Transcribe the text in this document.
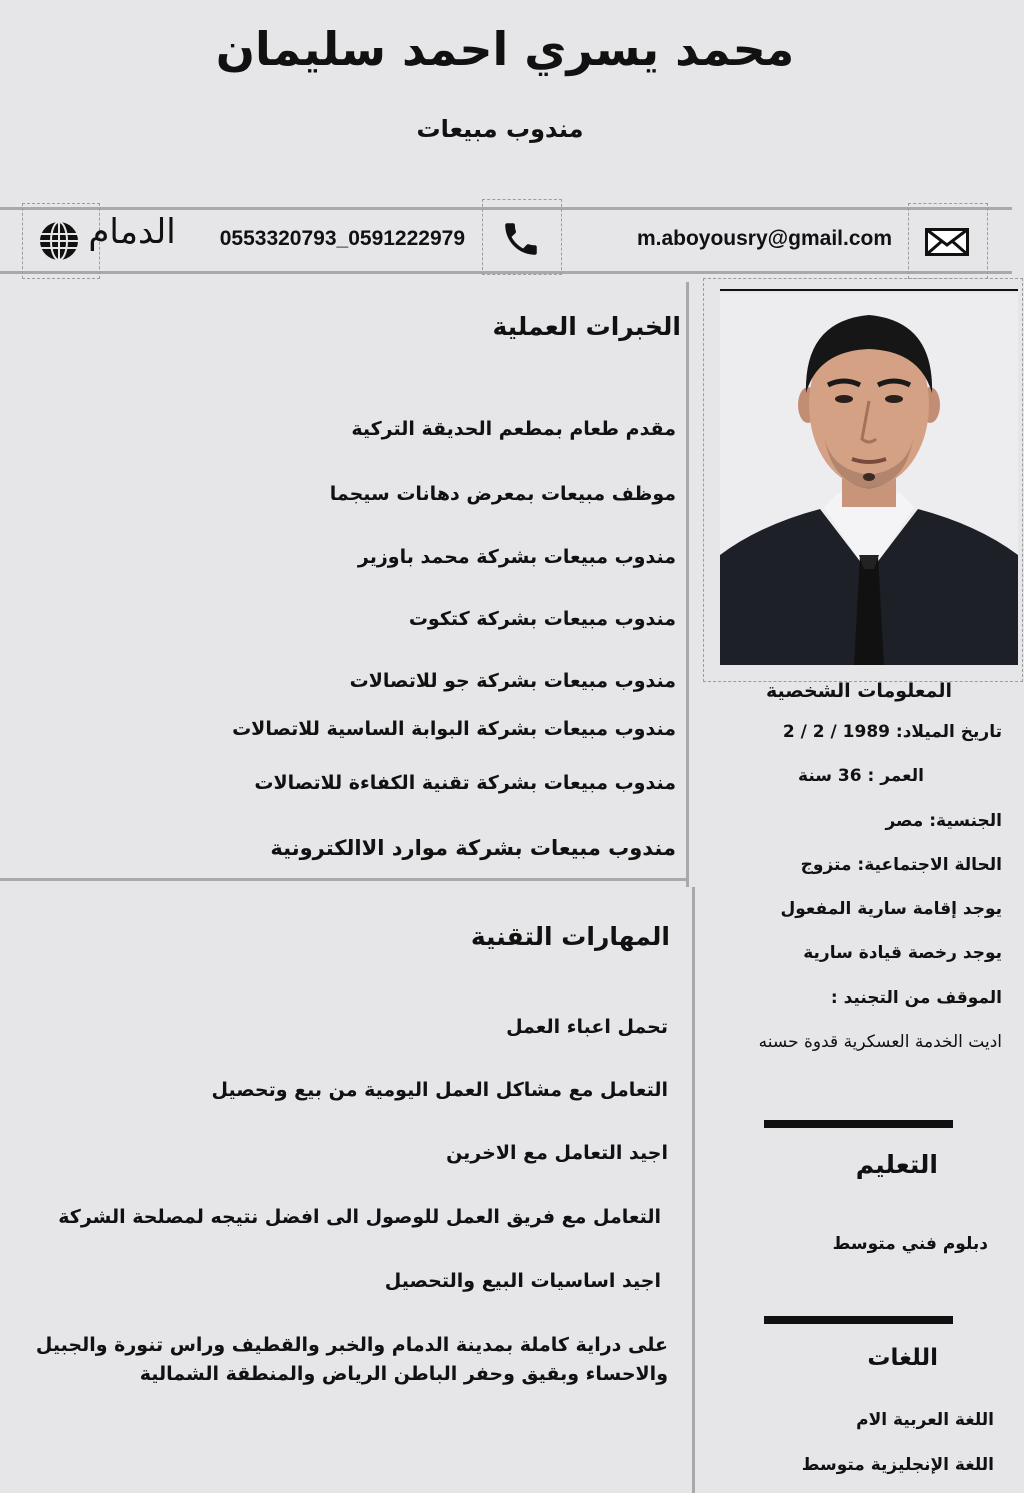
محمد يسري احمد سليمان
مندوب مبيعات
m.aboyousry@gmail.com
0553320793_0591222979
الدمام
الخبرات العملية
مقدم طعام بمطعم الحديقة التركية
موظف مبيعات بمعرض دهانات سيجما
مندوب مبيعات بشركة محمد باوزير
مندوب مبيعات بشركة كتكوت
مندوب مبيعات بشركة جو للاتصالات
مندوب مبيعات بشركة البوابة الساسية للاتصالات
مندوب مبيعات بشركة تقنية الكفاءة للاتصالات
مندوب مبيعات بشركة موارد الاالكترونية
المهارات التقنية
تحمل اعباء العمل
التعامل مع مشاكل العمل اليومية من بيع وتحصيل
اجيد التعامل مع الاخرين
التعامل مع فريق العمل للوصول الى افضل نتيجه لمصلحة الشركة
اجيد اساسيات البيع والتحصيل
على دراية كاملة بمدينة الدمام والخبر والقطيف وراس تنورة والجبيل
والاحساء وبقيق وحفر الباطن الرياض والمنطقة الشمالية
المعلومات الشخصية
تاريخ الميلاد: 1989 / 2 / 2
العمر : 36 سنة
الجنسية: مصر
الحالة الاجتماعية: متزوج
يوجد إقامة سارية المفعول
يوجد رخصة قيادة سارية
الموقف من التجنيد :
اديت الخدمة العسكرية قدوة حسنه
التعليم
دبلوم فني متوسط
اللغات
اللغة العربية الام
اللغة الإنجليزية متوسط
